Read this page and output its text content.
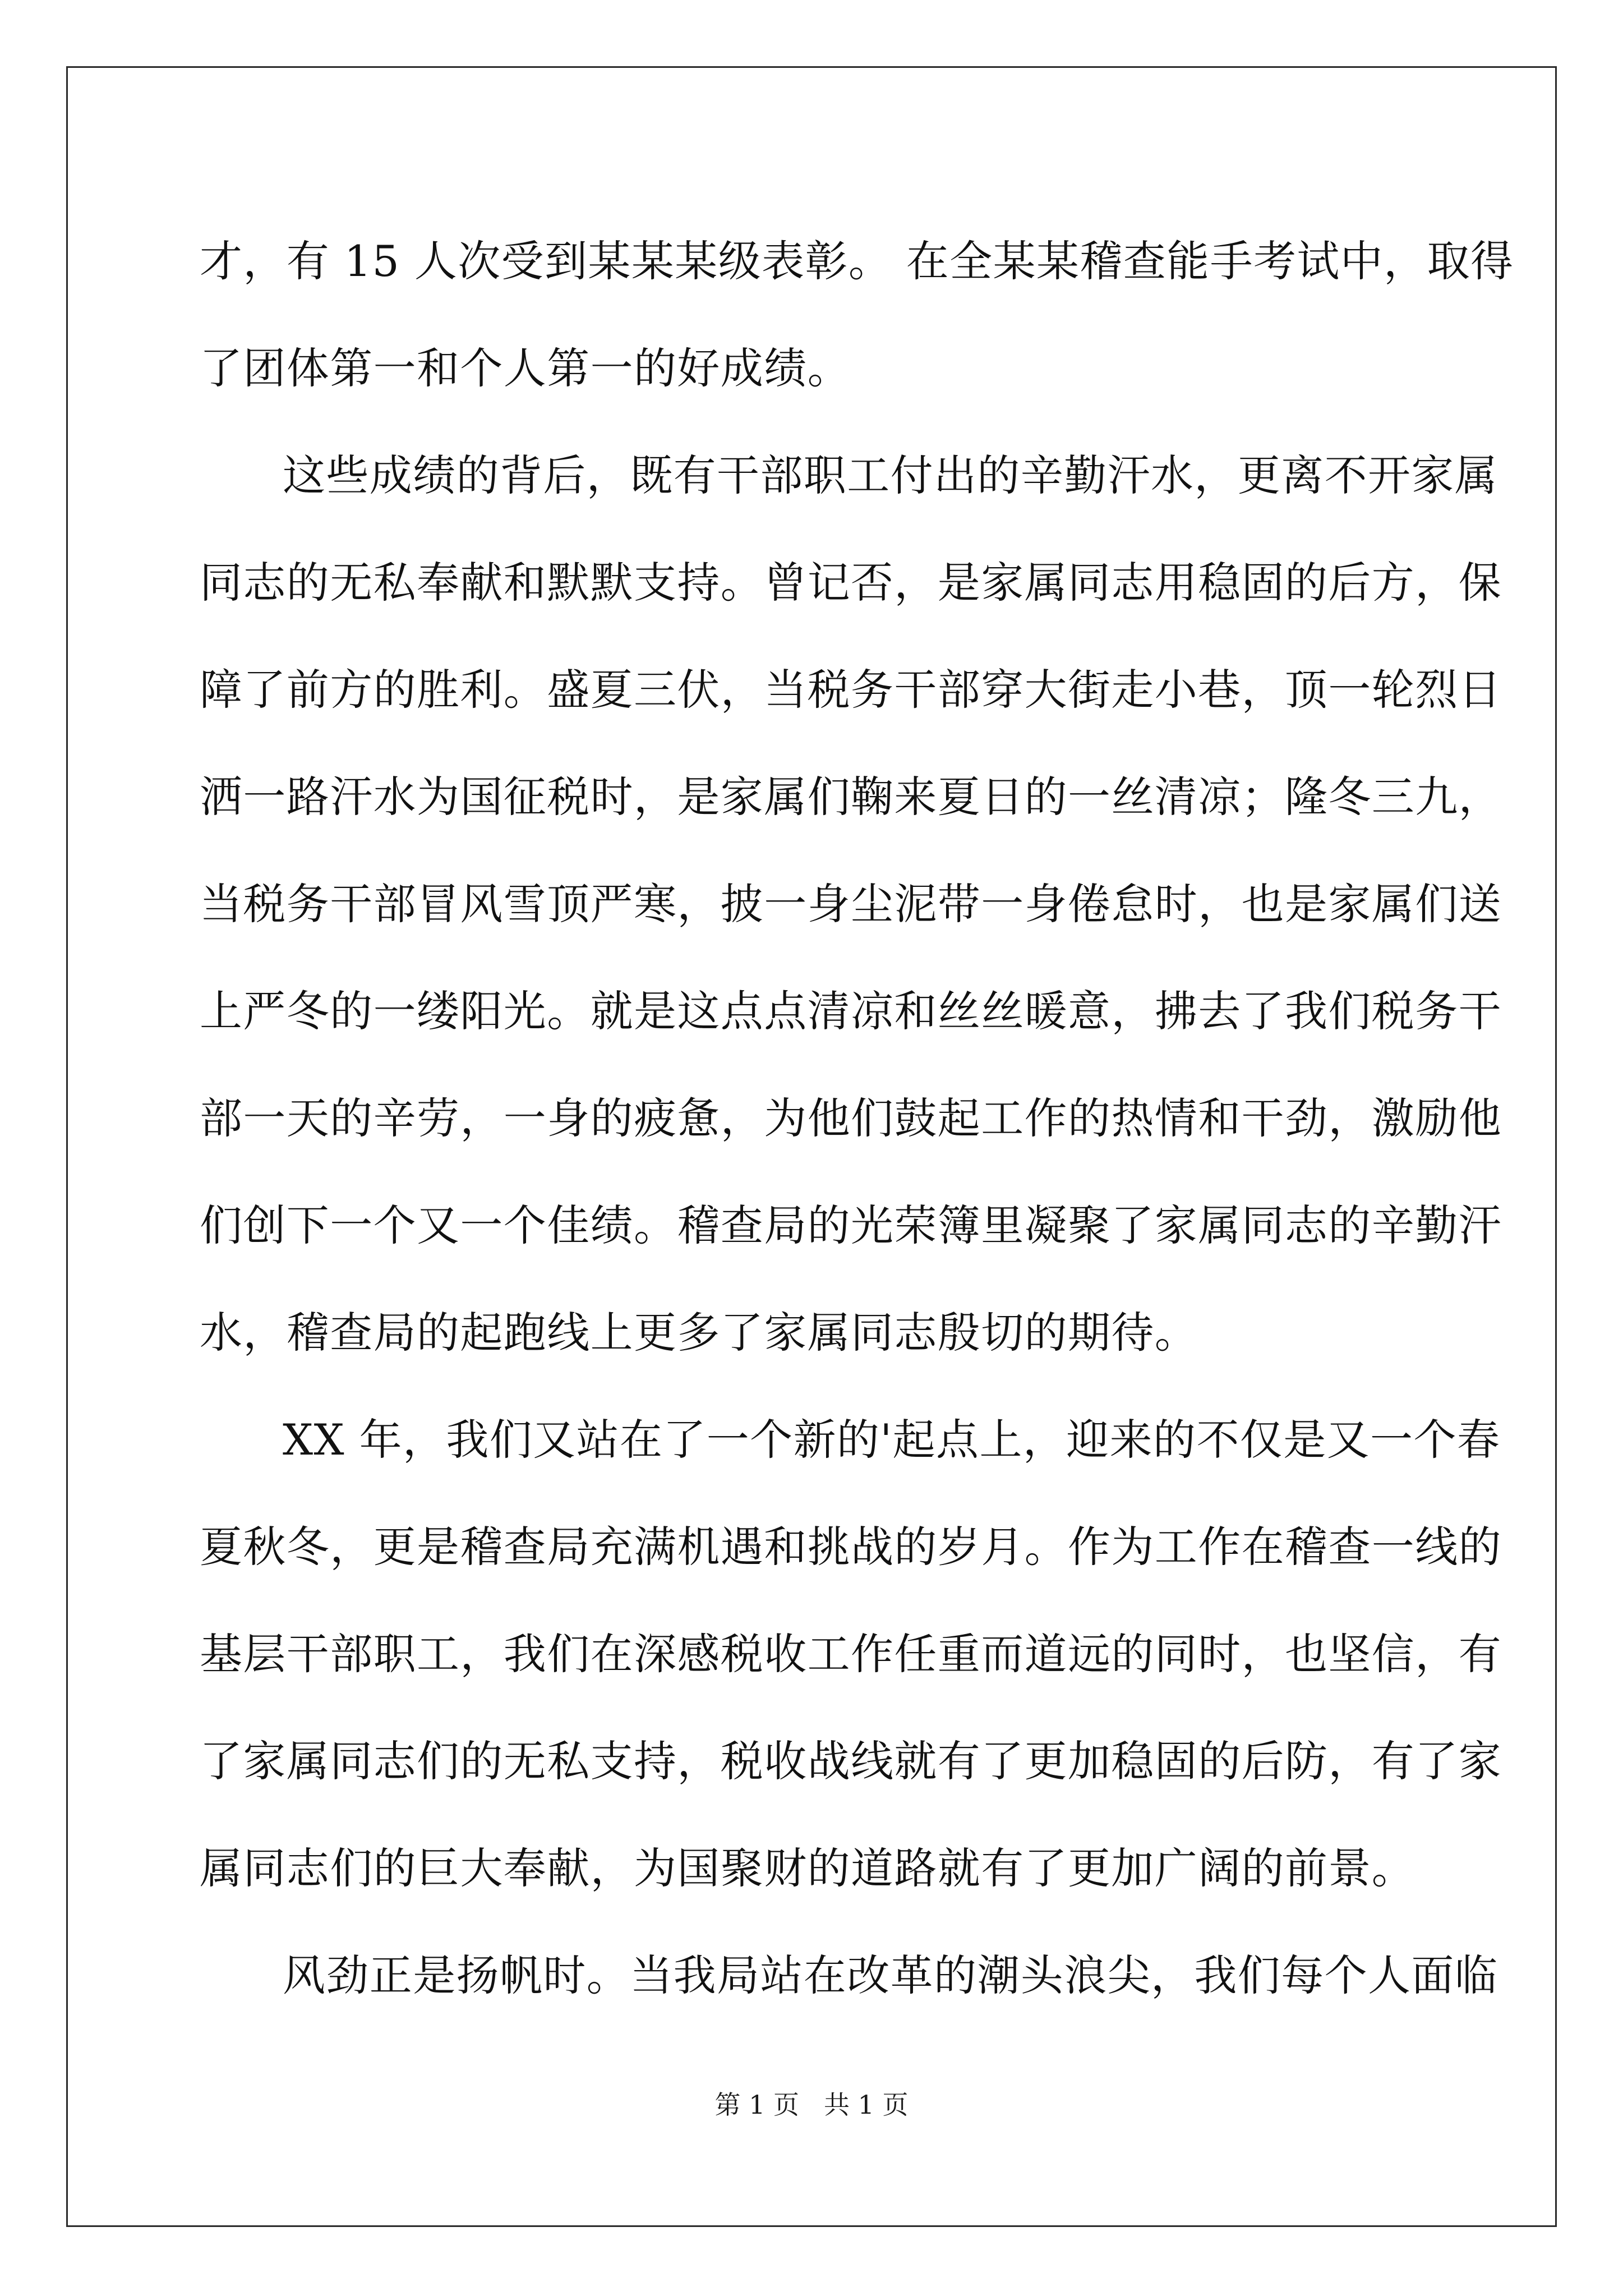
才，有 15 人次受到某某某级表彰。 在全某某稽查能手考试中，取得
了团体第一和个人第一的好成绩。
这些成绩的背后，既有干部职工付出的辛勤汗水，更离不开家属
同志的无私奉献和默默支持。曾记否，是家属同志用稳固的后方，保
障了前方的胜利。盛夏三伏，当税务干部穿大街走小巷，顶一轮烈日
洒一路汗水为国征税时，是家属们鞠来夏日的一丝清凉；隆冬三九，
当税务干部冒风雪顶严寒，披一身尘泥带一身倦怠时，也是家属们送
上严冬的一缕阳光。就是这点点清凉和丝丝暖意，拂去了我们税务干
部一天的辛劳，一身的疲惫，为他们鼓起工作的热情和干劲，激励他
们创下一个又一个佳绩。稽查局的光荣簿里凝聚了家属同志的辛勤汗
水，稽查局的起跑线上更多了家属同志殷切的期待。
XX 年，我们又站在了一个新的'起点上，迎来的不仅是又一个春
夏秋冬，更是稽查局充满机遇和挑战的岁月。作为工作在稽查一线的
基层干部职工，我们在深感税收工作任重而道远的同时，也坚信，有
了家属同志们的无私支持，税收战线就有了更加稳固的后防，有了家
属同志们的巨大奉献，为国聚财的道路就有了更加广阔的前景。
风劲正是扬帆时。当我局站在改革的潮头浪尖，我们每个人面临
第 1 页 共 1 页
